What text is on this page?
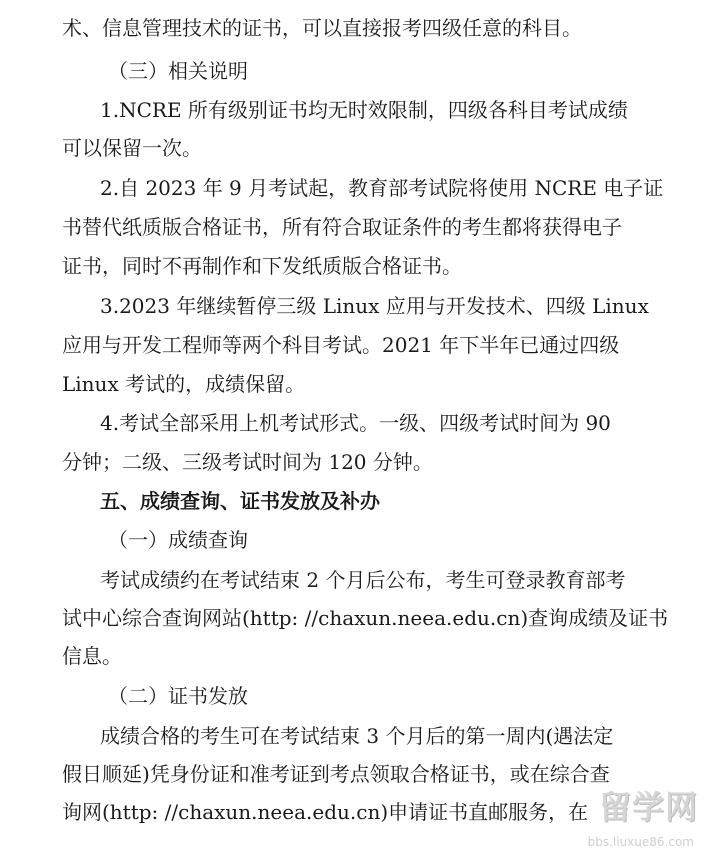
术、信息管理技术的证书，可以直接报考四级任意的科目。
（三）相关说明
1.NCRE 所有级别证书均无时效限制，四级各科目考试成绩
可以保留一次。
2.自 2023 年 9 月考试起，教育部考试院将使用 NCRE 电子证
书替代纸质版合格证书，所有符合取证条件的考生都将获得电子
证书，同时不再制作和下发纸质版合格证书。
3.2023 年继续暂停三级 Linux 应用与开发技术、四级 Linux
应用与开发工程师等两个科目考试。2021 年下半年已通过四级
Linux 考试的，成绩保留。
4.考试全部采用上机考试形式。一级、四级考试时间为 90
分钟；二级、三级考试时间为 120 分钟。
五、成绩查询、证书发放及补办
（一）成绩查询
考试成绩约在考试结束 2 个月后公布，考生可登录教育部考
试中心综合查询网站(http: //chaxun.neea.edu.cn)查询成绩及证书
信息。
（二）证书发放
成绩合格的考生可在考试结束 3 个月后的第一周内(遇法定
假日顺延)凭身份证和准考证到考点领取合格证书，或在综合查
询网(http: //chaxun.neea.edu.cn)申请证书直邮服务，在 留学网
bbs.liuxue86.com
